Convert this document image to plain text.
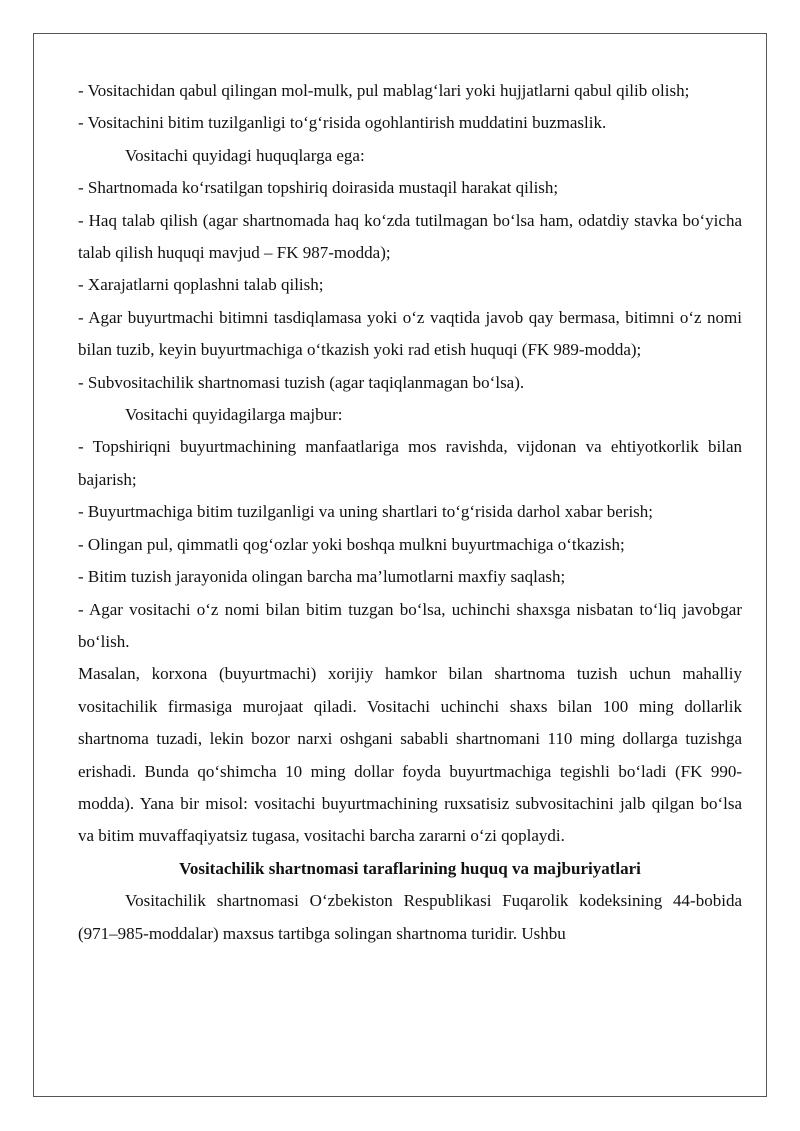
- Vositachidan qabul qilingan mol-mulk, pul mablag‘lari yoki hujjatlarni qabul qilib olish;

- Vositachini bitim tuzilganligi to‘g‘risida ogohlantirish muddatini buzmaslik.

Vositachi quyidagi huquqlarga ega:

- Shartnomada ko‘rsatilgan topshiriq doirasida mustaqil harakat qilish;

- Haq talab qilish (agar shartnomada haq ko‘zda tutilmagan bo‘lsa ham, odatdiy stavka bo‘yicha talab qilish huquqi mavjud – FK 987-modda);

- Xarajatlarni qoplashni talab qilish;

- Agar buyurtmachi bitimni tasdiqlamasa yoki o‘z vaqtida javob qay bermasa, bitimni o‘z nomi bilan tuzib, keyin buyurtmachiga o‘tkazish yoki rad etish huquqi (FK 989-modda);

- Subvositachilik shartnomasi tuzish (agar taqiqlanmagan bo‘lsa).

Vositachi quyidagilarga majbur:

- Topshiriqni buyurtmachining manfaatlariga mos ravishda, vijdonan va ehtiyotkorlik bilan bajarish;

- Buyurtmachiga bitim tuzilganligi va uning shartlari to‘g‘risida darhol xabar berish;

- Olingan pul, qimmatli qog‘ozlar yoki boshqa mulkni buyurtmachiga o‘tkazish;

- Bitim tuzish jarayonida olingan barcha ma’lumotlarni maxfiy saqlash;

- Agar vositachi o‘z nomi bilan bitim tuzgan bo‘lsa, uchinchi shaxsga nisbatan to‘liq javobgar bo‘lish.

Masalan, korxona (buyurtmachi) xorijiy hamkor bilan shartnoma tuzish uchun mahalliy vositachilik firmasiga murojaat qiladi. Vositachi uchinchi shaxs bilan 100 ming dollarlik shartnoma tuzadi, lekin bozor narxi oshgani sababli shartnomani 110 ming dollarga tuzishga erishadi. Bunda qo‘shimcha 10 ming dollar foyda buyurtmachiga tegishli bo‘ladi (FK 990-modda). Yana bir misol: vositachi buyurtmachining ruxsatisiz subvositachini jalb qilgan bo‘lsa va bitim muvaffaqiyatsiz tugasa, vositachi barcha zararni o‘zi qoplaydi.

Vositachilik shartnomasi taraflarining huquq va majburiyatlari

Vositachilik shartnomasi O‘zbekiston Respublikasi Fuqarolik kodeksining 44-bobida (971–985-moddalar) maxsus tartibga solingan shartnoma turidir. Ushbu
